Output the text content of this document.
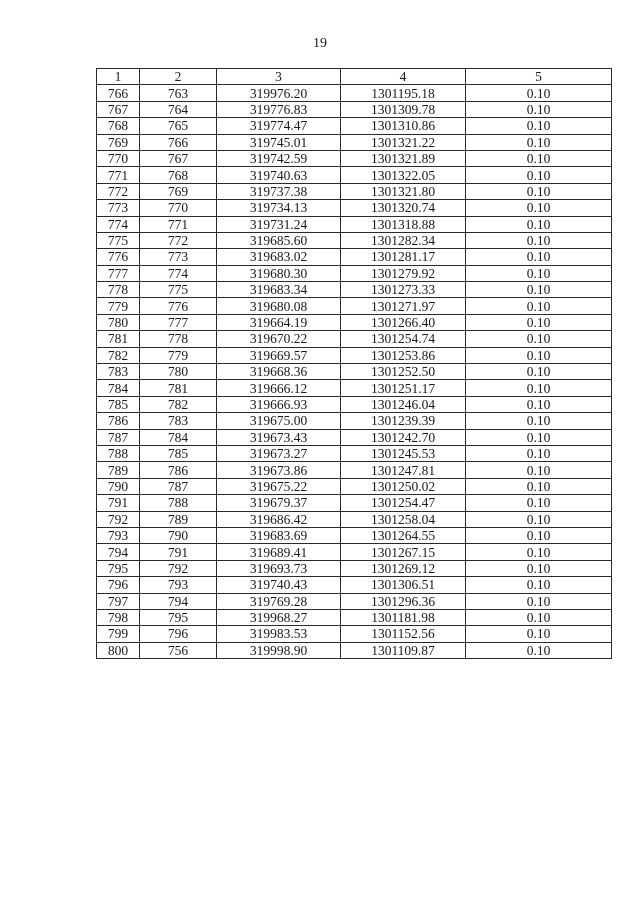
19
1	2	3	4	5
766	763	319976.20	1301195.18	0.10
767	764	319776.83	1301309.78	0.10
768	765	319774.47	1301310.86	0.10
769	766	319745.01	1301321.22	0.10
770	767	319742.59	1301321.89	0.10
771	768	319740.63	1301322.05	0.10
772	769	319737.38	1301321.80	0.10
773	770	319734.13	1301320.74	0.10
774	771	319731.24	1301318.88	0.10
775	772	319685.60	1301282.34	0.10
776	773	319683.02	1301281.17	0.10
777	774	319680.30	1301279.92	0.10
778	775	319683.34	1301273.33	0.10
779	776	319680.08	1301271.97	0.10
780	777	319664.19	1301266.40	0.10
781	778	319670.22	1301254.74	0.10
782	779	319669.57	1301253.86	0.10
783	780	319668.36	1301252.50	0.10
784	781	319666.12	1301251.17	0.10
785	782	319666.93	1301246.04	0.10
786	783	319675.00	1301239.39	0.10
787	784	319673.43	1301242.70	0.10
788	785	319673.27	1301245.53	0.10
789	786	319673.86	1301247.81	0.10
790	787	319675.22	1301250.02	0.10
791	788	319679.37	1301254.47	0.10
792	789	319686.42	1301258.04	0.10
793	790	319683.69	1301264.55	0.10
794	791	319689.41	1301267.15	0.10
795	792	319693.73	1301269.12	0.10
796	793	319740.43	1301306.51	0.10
797	794	319769.28	1301296.36	0.10
798	795	319968.27	1301181.98	0.10
799	796	319983.53	1301152.56	0.10
800	756	319998.90	1301109.87	0.10
